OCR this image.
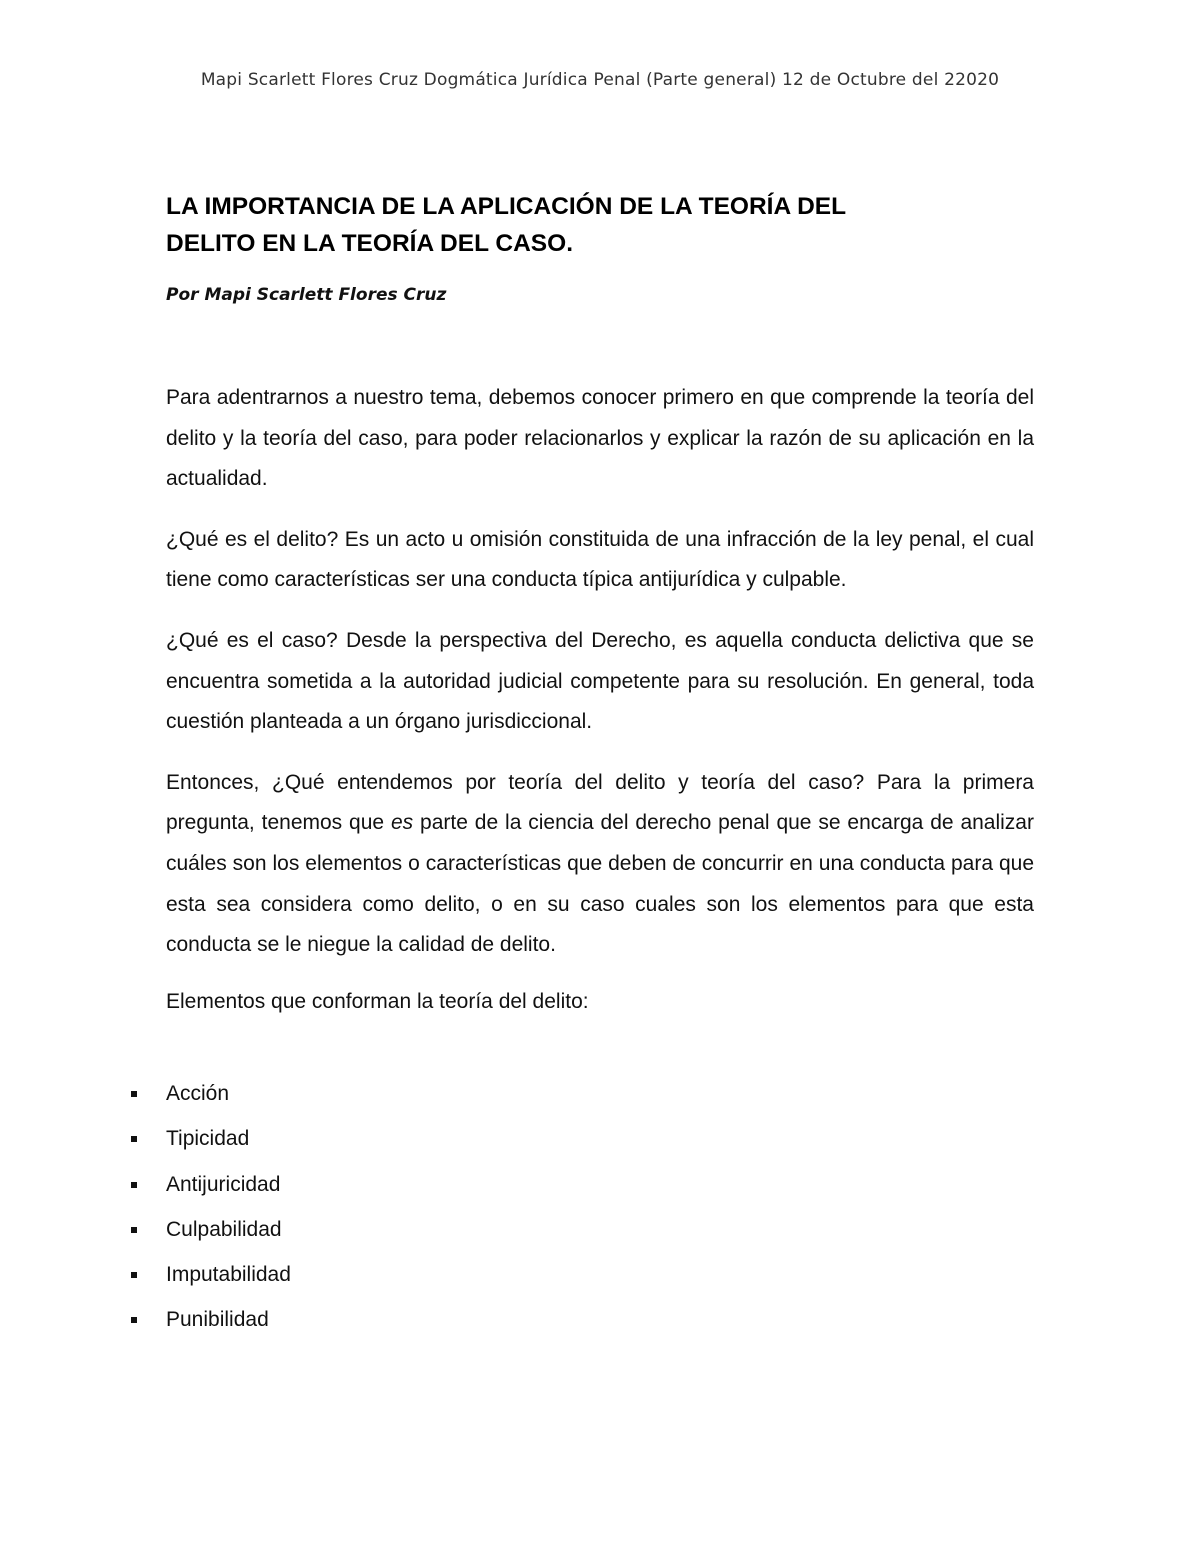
Mapi Scarlett Flores Cruz Dogmática Jurídica Penal (Parte general) 12 de Octubre del 22020
LA IMPORTANCIA DE LA APLICACIÓN DE LA TEORÍA DEL
DELITO EN LA TEORÍA DEL CASO.
Por Mapi Scarlett Flores Cruz

Para adentrarnos a nuestro tema, debemos conocer primero en que comprende la teoría del delito y la teoría del caso, para poder relacionarlos y explicar la razón de su aplicación en la actualidad.

¿Qué es el delito? Es un acto u omisión constituida de una infracción de la ley penal, el cual tiene como características ser una conducta típica antijurídica y culpable.

¿Qué es el caso? Desde la perspectiva del Derecho, es aquella conducta delictiva que se encuentra sometida a la autoridad judicial competente para su resolución. En general, toda cuestión planteada a un órgano jurisdiccional.

Entonces, ¿Qué entendemos por teoría del delito y teoría del caso? Para la primera pregunta, tenemos que es parte de la ciencia del derecho penal que se encarga de analizar cuáles son los elementos o características que deben de concurrir en una conducta para que esta sea considera como delito, o en su caso cuales son los elementos para que esta conducta se le niegue la calidad de delito.

Elementos que conforman la teoría del delito:

Acción
Tipicidad
Antijuricidad
Culpabilidad
Imputabilidad
Punibilidad
